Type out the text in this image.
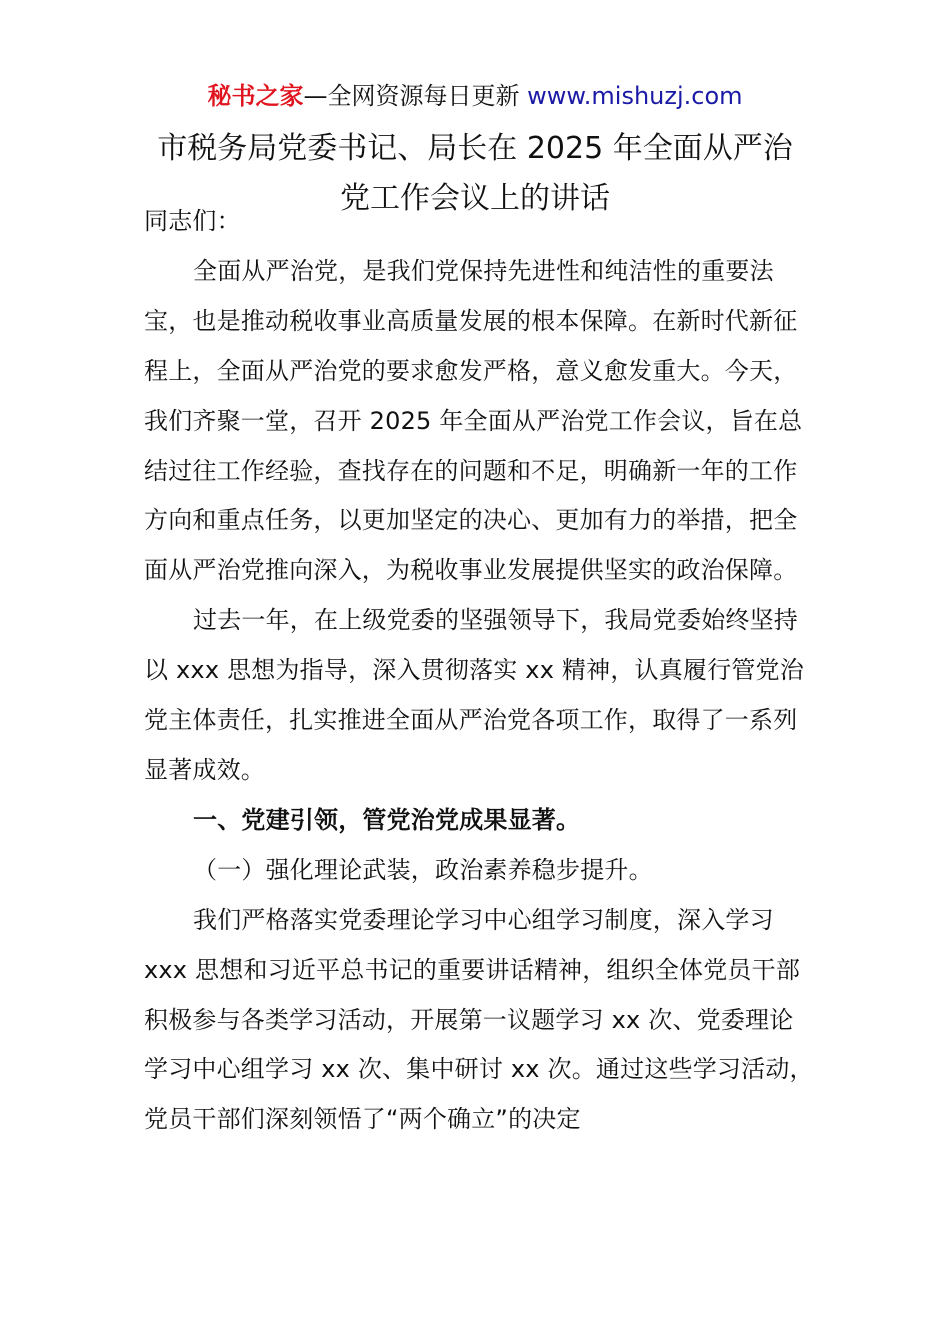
秘书之家—全网资源每日更新 www.mishuzj.com
市税务局党委书记、局长在 2025 年全面从严治
党工作会议上的讲话

同志们：

全面从严治党，是我们党保持先进性和纯洁性的重要法宝，也是推动税收事业高质量发展的根本保障。在新时代新征程上，全面从严治党的要求愈发严格，意义愈发重大。今天，我们齐聚一堂，召开 2025 年全面从严治党工作会议，旨在总结过往工作经验，查找存在的问题和不足，明确新一年的工作方向和重点任务，以更加坚定的决心、更加有力的举措，把全面从严治党推向深入，为税收事业发展提供坚实的政治保障。

过去一年，在上级党委的坚强领导下，我局党委始终坚持以 xxx 思想为指导，深入贯彻落实 xx 精神，认真履行管党治党主体责任，扎实推进全面从严治党各项工作，取得了一系列显著成效。

一、党建引领，管党治党成果显著。

（一）强化理论武装，政治素养稳步提升。

我们严格落实党委理论学习中心组学习制度，深入学习 xxx 思想和习近平总书记的重要讲话精神，组织全体党员干部积极参与各类学习活动，开展第一议题学习 xx 次、党委理论学习中心组学习 xx 次、集中研讨 xx 次。通过这些学习活动，党员干部们深刻领悟了“两个确立”的决定
